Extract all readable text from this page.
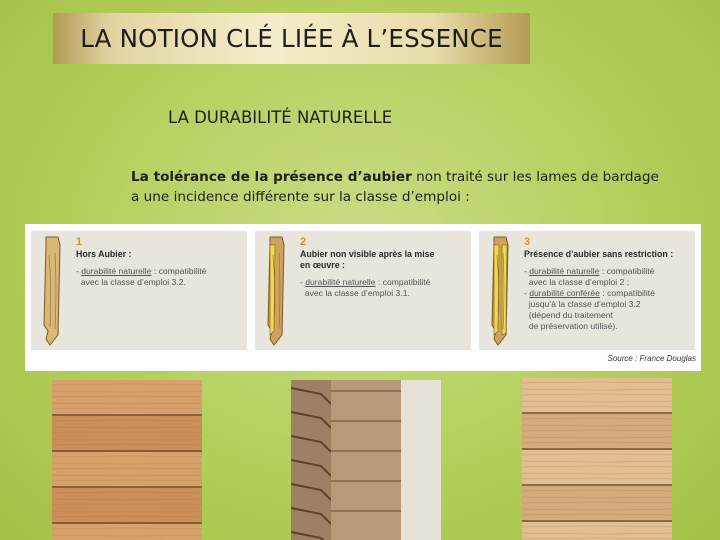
LA NOTION CLÉ LIÉE À L’ESSENCE
LA DURABILITÉ NATURELLE
La tolérance de la présence d’aubier non traité sur les lames de bardage
a une incidence différente sur la classe d’emploi :
1
Hors Aubier :
- durabilité naturelle : compatibilité
avec la classe d’emploi 3.2.
2
Aubier non visible après la mise
en œuvre :
- durabilité naturelle : compatibilité
avec la classe d’emploi 3.1.
3
Présence d’aubier sans restriction :
- durabilité naturelle : compatibilité
avec la classe d’emploi 2 ;
- durabilité conférée : compatibilité
jusqu’à la classe d’emploi 3.2
(dépend du traitement
de préservation utilisé).
Source : France Douglas
